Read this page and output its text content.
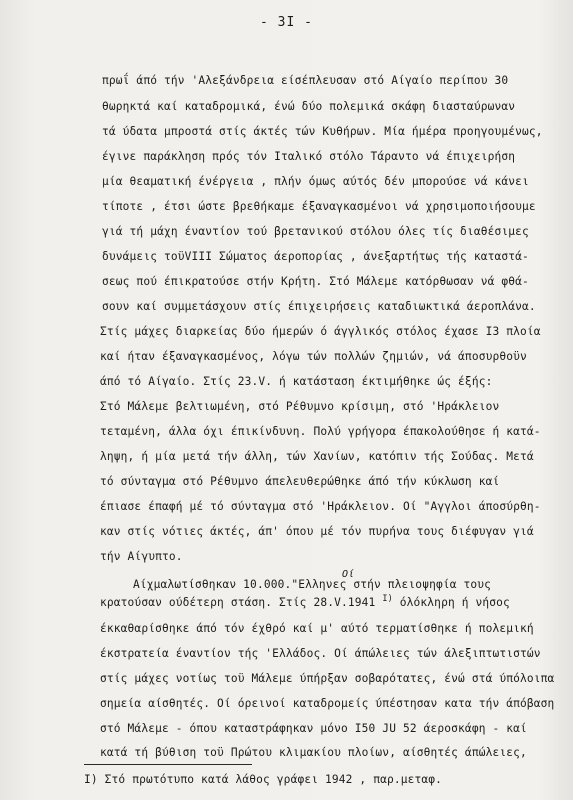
- 3I -
πρωΐ άπό τήν 'Αλεξάνδρεια είσέπλευσαν στό Αίγαίο περίπου 30
θωρηκτά καί καταδρομικά, ένώ δύο πολεμικά σκάφη διασταύρωναν
τά ύδατα μπροστά στίς άκτές τών Κυθήρων. Μία ήμέρα προηγουμένως,
έγινε παράκληση πρός τόν Ιταλικό στόλο Τάραντο νά έπιχειρήση
μία θεαματική ένέργεια , πλήν όμως αύτός δέν μπορούσε νά κάνει
τίποτε , έτσι ώστε βρεθήκαμε έξαναγκασμένοι νά χρησιμοποιήσουμε
γιά τή μάχη έναντίον τού βρετανικού στόλου όλες τίς διαθέσιμες
δυνάμεις τοϋVIII Σώματος άεροπορίας , άνεξαρτήτως τής καταστά-
σεως πού έπικρατούσε στήν Κρήτη. Στό Μάλεμε κατόρθωσαν νά φθά-
σουν καί συμμετάσχουν στίς έπιχειρήσεις καταδιωκτικά άεροπλάνα.
Στίς μάχες διαρκείας δύο ήμερών ό άγγλικός στόλος έχασε I3 πλοία
καί ήταν έξαναγκασμένος, λόγω τών πολλών ζημιών, νά άποσυρθοϋν
άπό τό Αίγαίο. Στίς 23.V. ή κατάσταση έκτιμήθηκε ώς έξής:
Στό Μάλεμε βελτιωμένη, στό Ρέθυμνο κρίσιμη, στό 'Ηράκλειον
τεταμένη, άλλα όχι έπικίνδυνη. Πολύ γρήγορα έπακολούθησε ή κατά-
ληψη, ή μία μετά τήν άλλη, τών Χανίων, κατόπιν τής Σούδας. Μετά
τό σύνταγμα στό Ρέθυμνο άπελευθερώθηκε άπό τήν κύκλωση καί
έπιασε έπαφή μέ τό σύνταγμα στό 'Ηράκλειον. Οί "Αγγλοι άποσύρθη-
καν στίς νότιες άκτές, άπ' όπου μέ τόν πυρήνα τους διέφυγαν γιά
τήν Αίγυπτο.
Οί
Αίχμαλωτίσθηκαν 10.000."Ελληνες στήν πλειοψηφία τους
κρατούσαν ούδέτερη στάση. Στίς 28.V.1941 $^{I)}$ όλόκληρη ή νήσος
έκκαθαρίσθηκε άπό τόν έχθρό καί μ' αύτό τερματίσθηκε ή πολεμική
έκστρατεία έναντίον τής 'Ελλάδος. Οί άπώλειες τών άλεξιπτωτιστών
στίς μάχες νοτίως τοϋ Μάλεμε ύπήρξαν σοβαρότατες, ένώ στά ύπόλοιπα
σημεία αίσθητές. Οί όρεινοί καταδρομείς ύπέστησαν κατα τήν άπόβαση
στό Μάλεμε - όπου καταστράφηκαν μόνο I50 JU 52 άεροσκάφη - καί
κατά τή βύθιση τοϋ Πρώτου κλιμακίου πλοίων, αίσθητές άπώλειες,
I) Στό πρωτότυπο κατά λάθος γράφει 1942 , παρ.μεταφ.
